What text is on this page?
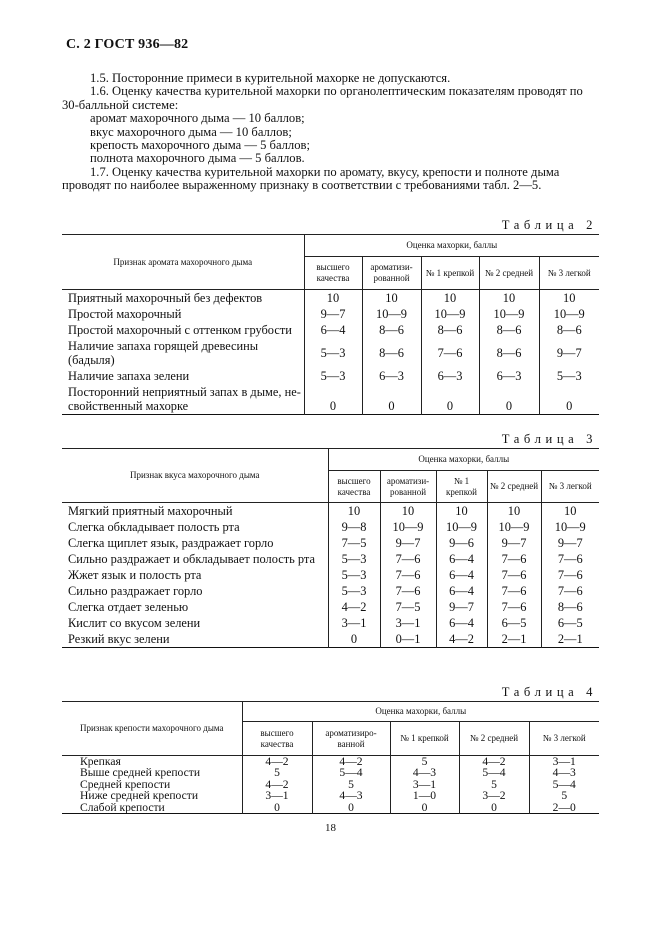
С. 2 ГОСТ 936—82
1.5. Посторонние примеси в курительной махорке не допускаются.
1.6. Оценку качества курительной махорки по органолептическим показателям проводят по
30-балльной системе:
аромат махорочного дыма — 10 баллов;
вкус махорочного дыма — 10 баллов;
крепость махорочного дыма — 5 баллов;
полнота махорочного дыма — 5 баллов.
1.7. Оценку качества курительной махорки по аромату, вкусу, крепости и полноте дыма
проводят по наиболее выраженному признаку в соответствии с требованиями табл. 2—5.
Таблица 2
Признак аромата махорочного дыма	Оценка махорки, баллы				
	высшего качества	ароматизи-рованной	№ 1 крепкой	№ 2 средней	№ 3 легкой
Приятный махорочный без дефектов	10	10	10	10	10
Простой махорочный	9—7	10—9	10—9	10—9	10—9
Простой махорочный с оттенком грубости	6—4	8—6	8—6	8—6	8—6
Наличие запаха горящей древесины (бадыля)	5—3	8—6	7—6	8—6	9—7
Наличие запаха зелени	5—3	6—3	6—3	6—3	5—3
Посторонний неприятный запах в дыме, не-свойственный махорке	0	0	0	0	0
Таблица 3
Признак вкуса махорочного дыма	Оценка махорки, баллы				
	высшего качества	ароматизи-рованной	№ 1 крепкой	№ 2 средней	№ 3 легкой
Мягкий приятный махорочный	10	10	10	10	10
Слегка обкладывает полость рта	9—8	10—9	10—9	10—9	10—9
Слегка щиплет язык, раздражает горло	7—5	9—7	9—6	9—7	9—7
Сильно раздражает и обкладывает полость рта	5—3	7—6	6—4	7—6	7—6
Жжет язык и полость рта	5—3	7—6	6—4	7—6	7—6
Сильно раздражает горло	5—3	7—6	6—4	7—6	7—6
Слегка отдает зеленью	4—2	7—5	9—7	7—6	8—6
Кислит со вкусом зелени	3—1	3—1	6—4	6—5	6—5
Резкий вкус зелени	0	0—1	4—2	2—1	2—1
Таблица 4
Признак крепости махорочного дыма	Оценка махорки, баллы				
	высшего качества	ароматизиро-ванной	№ 1 крепкой	№ 2 средней	№ 3 легкой
Крепкая	4—2	4—2	5	4—2	3—1
Выше средней крепости	5	5—4	4—3	5—4	4—3
Средней крепости	4—2	5	3—1	5	5—4
Ниже средней крепости	3—1	4—3	1—0	3—2	5
Слабой крепости	0	0	0	0	2—0
18
